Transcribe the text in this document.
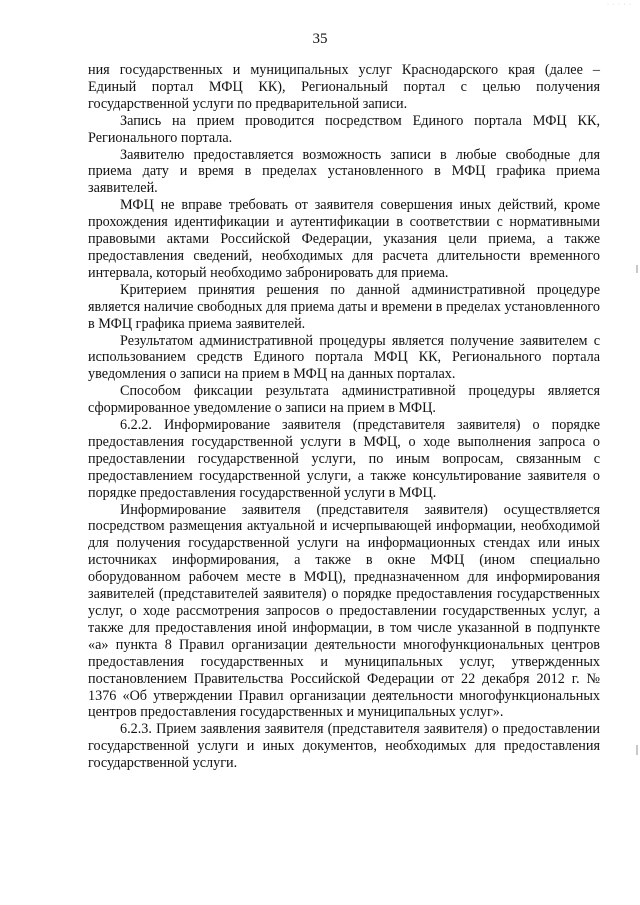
· · · · ·
35

ния государственных и муниципальных услуг Краснодарского края (далее – Единый портал МФЦ КК), Региональный портал с целью получения государственной услуги по предварительной записи.

Запись на прием проводится посредством Единого портала МФЦ КК, Регионального портала.

Заявителю предоставляется возможность записи в любые свободные для приема дату и время в пределах установленного в МФЦ графика приема заявителей.

МФЦ не вправе требовать от заявителя совершения иных действий, кроме прохождения идентификации и аутентификации в соответствии с нормативными правовыми актами Российской Федерации, указания цели приема, а также предоставления сведений, необходимых для расчета длительности временного интервала, который необходимо забронировать для приема.

Критерием принятия решения по данной административной процедуре является наличие свободных для приема даты и времени в пределах установленного в МФЦ графика приема заявителей.

Результатом административной процедуры является получение заявителем с использованием средств Единого портала МФЦ КК, Регионального портала уведомления о записи на прием в МФЦ на данных порталах.

Способом фиксации результата административной процедуры является сформированное уведомление о записи на прием в МФЦ.

6.2.2. Информирование заявителя (представителя заявителя) о порядке предоставления государственной услуги в МФЦ, о ходе выполнения запроса о предоставлении государственной услуги, по иным вопросам, связанным с предоставлением государственной услуги, а также консультирование заявителя о порядке предоставления государственной услуги в МФЦ.

Информирование заявителя (представителя заявителя) осуществляется посредством размещения актуальной и исчерпывающей информации, необходимой для получения государственной услуги на информационных стендах или иных источниках информирования, а также в окне МФЦ (ином специально оборудованном рабочем месте в МФЦ), предназначенном для информирования заявителей (представителей заявителя) о порядке предоставления государственных услуг, о ходе рассмотрения запросов о предоставлении государственных услуг, а также для предоставления иной информации, в том числе указанной в подпункте «а» пункта 8 Правил организации деятельности многофункциональных центров предоставления государственных и муниципальных услуг, утвержденных постановлением Правительства Российской Федерации от 22 декабря 2012 г. № 1376 «Об утверждении Правил организации деятельности многофункциональных центров предоставления государственных и муниципальных услуг».

6.2.3. Прием заявления заявителя (представителя заявителя) о предоставлении государственной услуги и иных документов, необходимых для предоставления государственной услуги.
